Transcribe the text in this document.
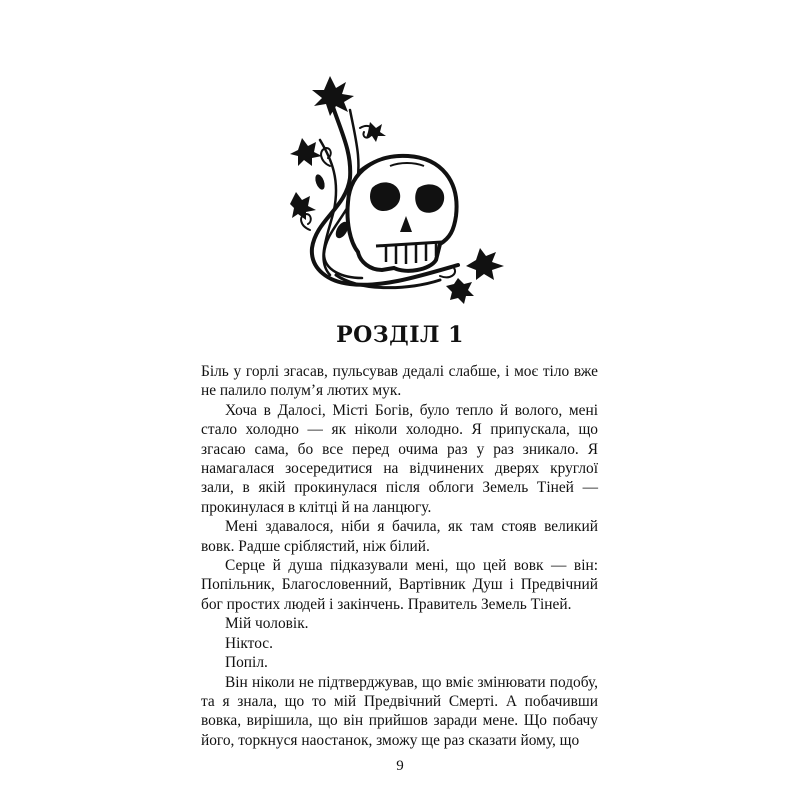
РОЗДІЛ 1

Біль у горлі згасав, пульсував дедалі слабше, і моє тіло вже не палило полум’я лютих мук.

Хоча в Далосі, Місті Богів, було тепло й волого, мені стало холодно — як ніколи холодно. Я припускала, що згасаю сама, бо все перед очима раз у раз зникало. Я намагалася зосередитися на відчинених дверях круглої зали, в якій прокинулася після облоги Земель Тіней — прокинулася в клітці й на ланцюгу.

Мені здавалося, ніби я бачила, як там стояв великий вовк. Радше сріблястий, ніж білий.

Серце й душа підказували мені, що цей вовк — він: Попільник, Благословенний, Вартівник Душ і Предвічний бог простих людей і закінчень. Правитель Земель Тіней.

Мій чоловік.

Ніктос.

Попіл.

Він ніколи не підтверджував, що вміє змінювати подобу, та я знала, що то мій Предвічний Смерті. А побачивши вовка, вирішила, що він прийшов заради мене. Що побачу його, торкнуся наостанок, зможу ще раз сказати йому, що

9
